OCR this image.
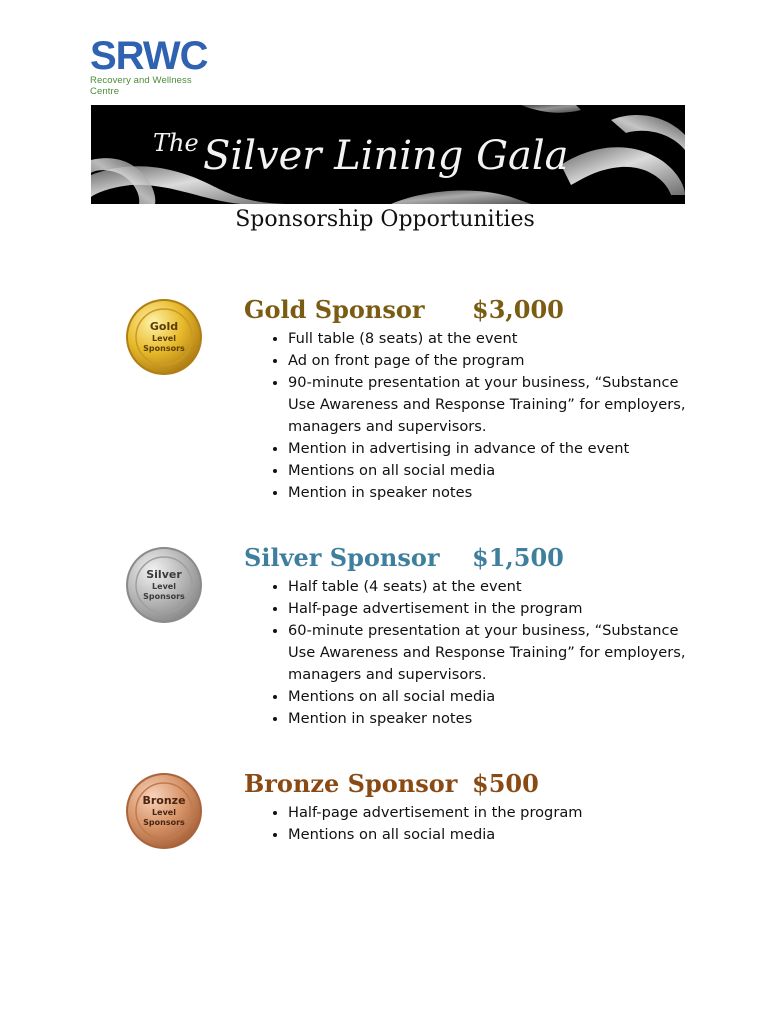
SRWC
Recovery and Wellness Centre
The Silver Lining Gala
Sponsorship Opportunities
Gold
Level
Sponsors
Gold Sponsor $3,000
• Full table (8 seats) at the event
• Ad on front page of the program
• 90-minute presentation at your business, “Substance Use Awareness and Response Training” for employers, managers and supervisors.
• Mention in advertising in advance of the event
• Mentions on all social media
• Mention in speaker notes
Silver
Level
Sponsors
Silver Sponsor $1,500
• Half table (4 seats) at the event
• Half-page advertisement in the program
• 60-minute presentation at your business, “Substance Use Awareness and Response Training” for employers, managers and supervisors.
• Mentions on all social media
• Mention in speaker notes
Bronze
Level
Sponsors
Bronze Sponsor $500
• Half-page advertisement in the program
• Mentions on all social media
